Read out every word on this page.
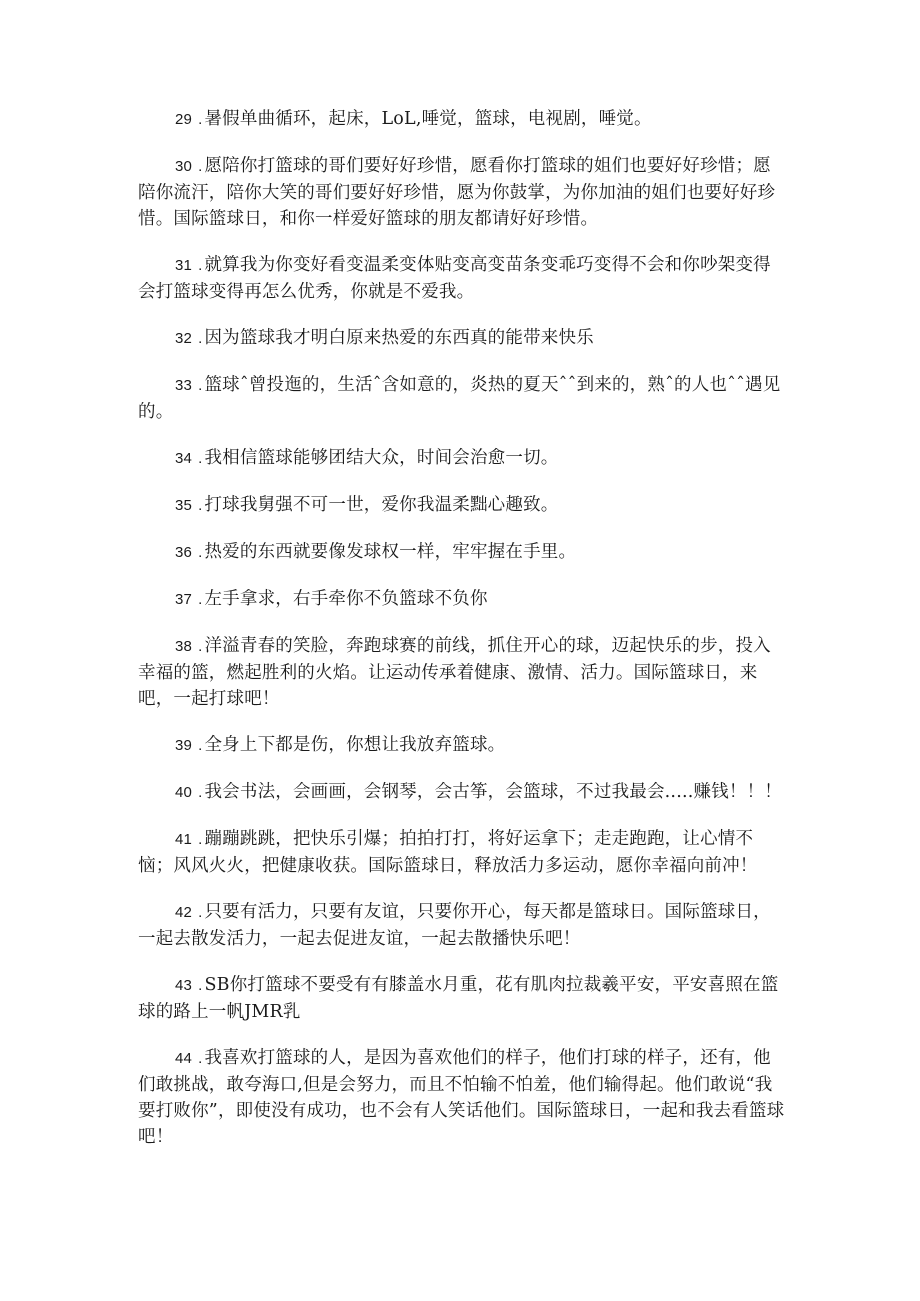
29 . 暑假单曲循环，起床，LoL,唾觉，篮球，电视剧，唾觉。

30 . 愿陪你打篮球的哥们要好好珍惜，愿看你打篮球的姐们也要好好珍惜；愿陪你流汗，陪你大笑的哥们要好好珍惜，愿为你鼓掌，为你加油的姐们也要好好珍惜。国际篮球日，和你一样爱好篮球的朋友都请好好珍惜。

31 . 就算我为你变好看变温柔变体贴变高变苗条变乖巧变得不会和你吵架变得会打篮球变得再怎么优秀，你就是不爱我。

32 . 因为篮球我才明白原来热爱的东西真的能带来快乐

33 . 篮球ˆ曾投迤的，生活ˆ含如意的，炎热的夏天ˆˆ到来的，熟ˆ的人也ˆˆ遇见的。

34 . 我相信篮球能够团结大众，时间会治愈一切。

35 . 打球我舅强不可一世，爱你我温柔黜心趣致。

36 . 热爱的东西就要像发球权一样，牢牢握在手里。

37 . 左手拿求，右手牵你不负篮球不负你

38 . 洋溢青春的笑脸，奔跑球赛的前线，抓住开心的球，迈起快乐的步，投入幸福的篮，燃起胜利的火焰。让运动传承着健康、激情、活力。国际篮球日，来吧，一起打球吧！

39 . 全身上下都是伤，你想让我放弃篮球。

40 . 我会书法，会画画，会钢琴，会古筝，会篮球，不过我最会.....赚钱！！！

41 . 蹦蹦跳跳，把快乐引爆；拍拍打打，将好运拿下；走走跑跑，让心情不恼；风风火火，把健康收获。国际篮球日，释放活力多运动，愿你幸福向前冲！

42 . 只要有活力，只要有友谊，只要你开心，每天都是篮球日。国际篮球日，一起去散发活力，一起去促进友谊，一起去散播快乐吧！

43 . SB你打篮球不要受有有膝盖水月重，花有肌肉拉裁羲平安，平安喜照在篮球的路上一帆JMR乳

44 . 我喜欢打篮球的人，是因为喜欢他们的样子，他们打球的样子，还有，他们敢挑战，敢夸海口,但是会努力，而且不怕输不怕羞，他们输得起。他们敢说“我要打败你”，即使没有成功，也不会有人笑话他们。国际篮球日，一起和我去看篮球吧！
